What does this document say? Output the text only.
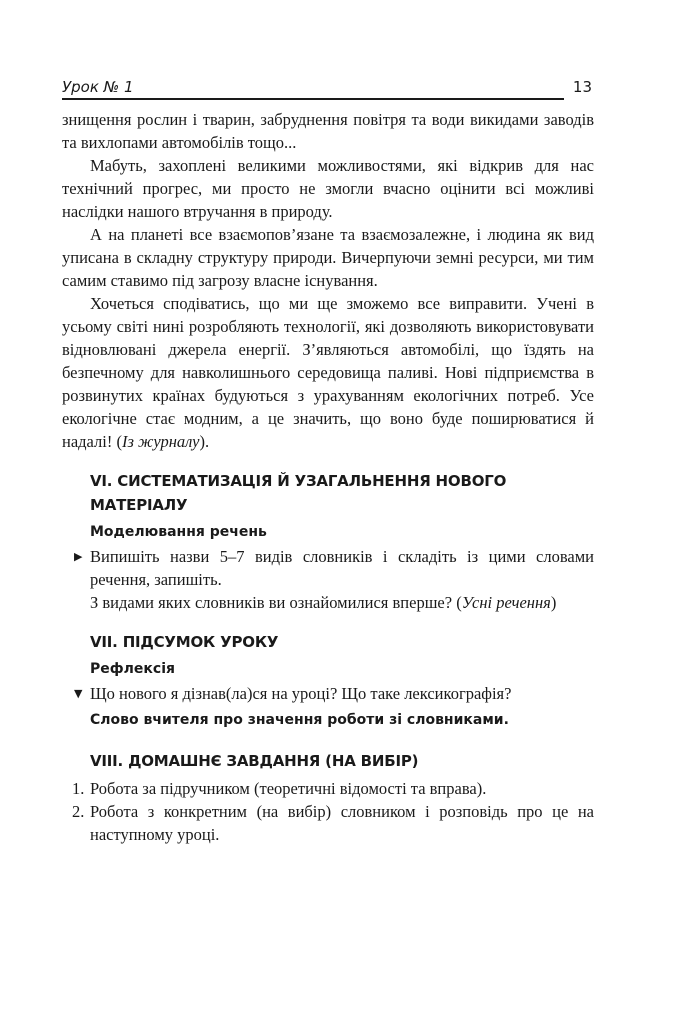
Урок № 1	13

знищення рослин і тварин, забруднення повітря та води викидами заводів та вихлопами автомобілів тощо...

Мабуть, захоплені великими можливостями, які відкрив для нас технічний прогрес, ми просто не змогли вчасно оцінити всі можливі наслідки нашого втручання в природу.

А на планеті все взаємопов’язане та взаємозалежне, і людина як вид уписана в складну структуру природи. Вичерпуючи земні ресурси, ми тим самим ставимо під загрозу власне існування.

Хочеться сподіватись, що ми ще зможемо все виправити. Учені в усьому світі нині розробляють технології, які дозволяють використовувати відновлювані джерела енергії. З’являються автомобілі, що їздять на безпечному для навколишнього середовища паливі. Нові підприємства в розвинутих країнах будуються з урахуванням екологічних потреб. Усе екологічне стає модним, а це значить, що воно буде поширюватися й надалі! (Із журналу).

VI. СИСТЕМАТИЗАЦІЯ Й УЗАГАЛЬНЕННЯ НОВОГО МАТЕРІАЛУ
Моделювання речень
▶ Випишіть назви 5–7 видів словників і складіть із цими словами речення, запишіть.

З видами яких словників ви ознайомилися вперше? (Усні речення)

VII. ПІДСУМОК УРОКУ
Рефлексія
▼ Що нового я дізнав(ла)ся на уроці? Що таке лексикографія?
Слово вчителя про значення роботи зі словниками.
VIII. ДОМАШНЄ ЗАВДАННЯ (НА ВИБІР)
1. Робота за підручником (теоретичні відомості та вправа).
2. Робота з конкретним (на вибір) словником і розповідь про це на наступному уроці.
